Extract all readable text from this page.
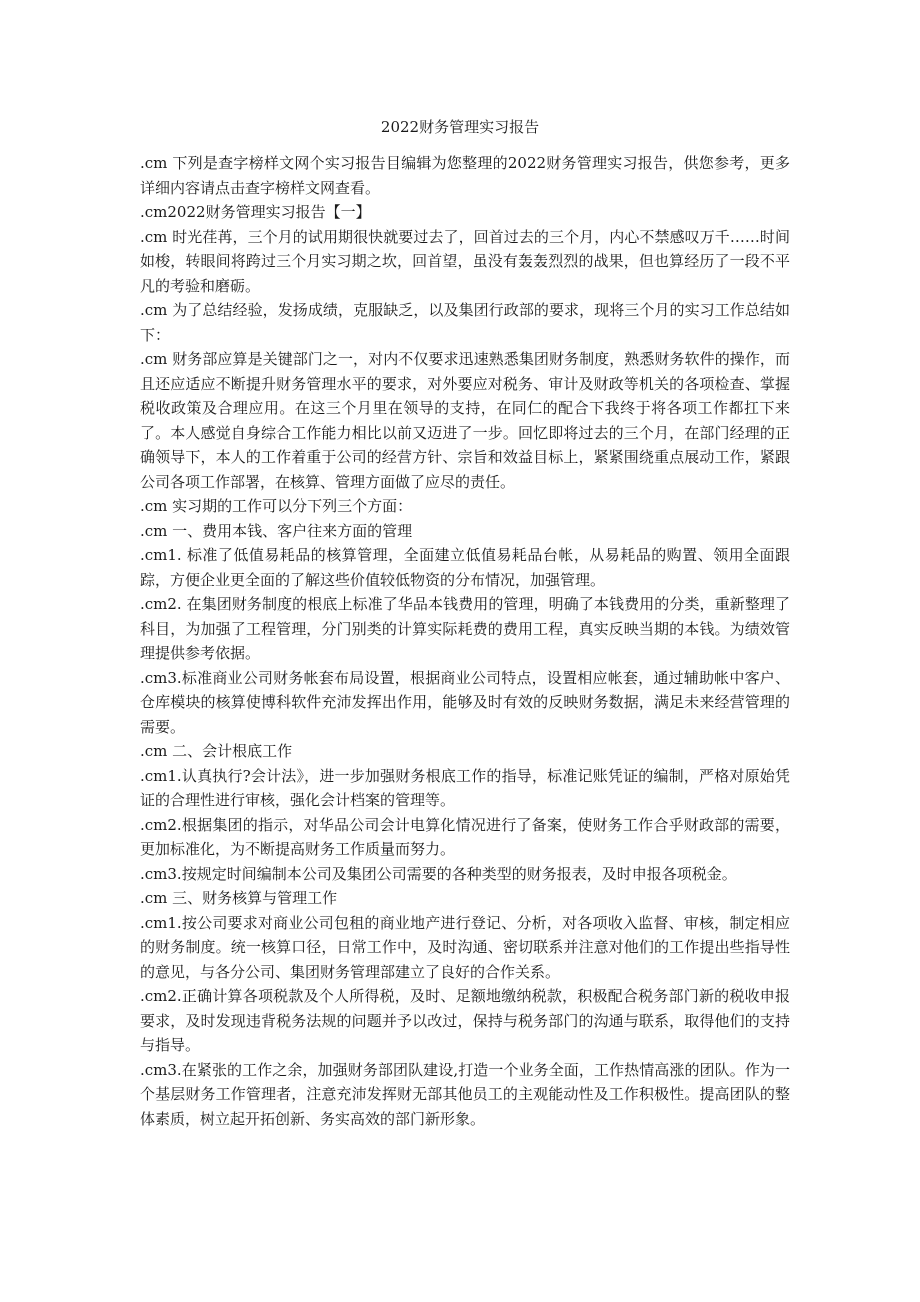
2022财务管理实习报告

.cm 下列是查字榜样文网个实习报告目编辑为您整理的2022财务管理实习报告，供您参考，更多详细内容请点击查字榜样文网查看。

.cm2022财务管理实习报告【一】

.cm 时光荏苒，三个月的试用期很快就要过去了，回首过去的三个月，内心不禁感叹万千……时间如梭，转眼间将跨过三个月实习期之坎，回首望，虽没有轰轰烈烈的战果，但也算经历了一段不平凡的考验和磨砺。

.cm 为了总结经验，发扬成绩，克服缺乏，以及集团行政部的要求，现将三个月的实习工作总结如下：

.cm 财务部应算是关键部门之一，对内不仅要求迅速熟悉集团财务制度，熟悉财务软件的操作，而且还应适应不断提升财务管理水平的要求，对外要应对税务、审计及财政等机关的各项检查、掌握税收政策及合理应用。在这三个月里在领导的支持，在同仁的配合下我终于将各项工作都扛下来了。本人感觉自身综合工作能力相比以前又迈进了一步。回忆即将过去的三个月，在部门经理的正确领导下，本人的工作着重于公司的经营方针、宗旨和效益目标上，紧紧围绕重点展动工作，紧跟公司各项工作部署，在核算、管理方面做了应尽的责任。

.cm 实习期的工作可以分下列三个方面：

.cm 一、费用本钱、客户往来方面的管理

.cm1. 标准了低值易耗品的核算管理，全面建立低值易耗品台帐，从易耗品的购置、领用全面跟踪，方便企业更全面的了解这些价值较低物资的分布情况，加强管理。

.cm2. 在集团财务制度的根底上标准了华品本钱费用的管理，明确了本钱费用的分类，重新整理了科目，为加强了工程管理，分门别类的计算实际耗费的费用工程，真实反映当期的本钱。为绩效管理提供参考依据。

.cm3.标准商业公司财务帐套布局设置，根据商业公司特点，设置相应帐套，通过辅助帐中客户、仓库模块的核算使博科软件充沛发挥出作用，能够及时有效的反映财务数据，满足未来经营管理的需要。

.cm 二、会计根底工作

.cm1.认真执行?会计法》，进一步加强财务根底工作的指导，标准记账凭证的编制，严格对原始凭证的合理性进行审核，强化会计档案的管理等。

.cm2.根据集团的指示，对华品公司会计电算化情况进行了备案，使财务工作合乎财政部的需要，更加标准化，为不断提高财务工作质量而努力。

.cm3.按规定时间编制本公司及集团公司需要的各种类型的财务报表，及时申报各项税金。

.cm 三、财务核算与管理工作

.cm1.按公司要求对商业公司包租的商业地产进行登记、分析，对各项收入监督、审核，制定相应的财务制度。统一核算口径，日常工作中，及时沟通、密切联系并注意对他们的工作提出些指导性的意见，与各分公司、集团财务管理部建立了良好的合作关系。

.cm2.正确计算各项税款及个人所得税，及时、足额地缴纳税款，积极配合税务部门新的税收申报要求，及时发现违背税务法规的问题并予以改过，保持与税务部门的沟通与联系，取得他们的支持与指导。

.cm3.在紧张的工作之余，加强财务部团队建设,打造一个业务全面，工作热情高涨的团队。作为一个基层财务工作管理者，注意充沛发挥财无部其他员工的主观能动性及工作积极性。提高团队的整体素质，树立起开拓创新、务实高效的部门新形象。
